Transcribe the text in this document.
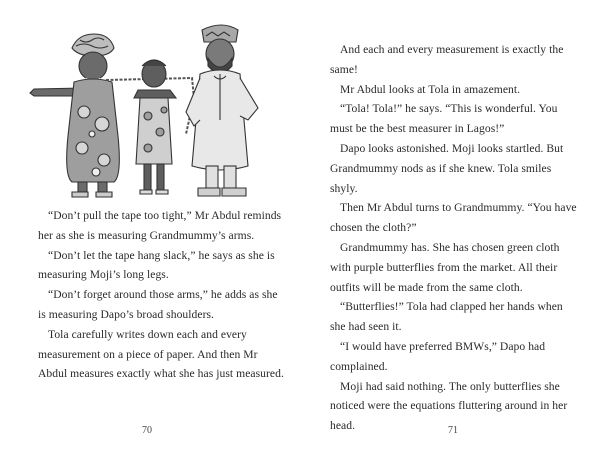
“Don’t pull the tape too tight,” Mr Abdul reminds her as she is measuring Grandmummy’s arms.

“Don’t let the tape hang slack,” he says as she is measuring Moji’s long legs.

“Don’t forget around those arms,” he adds as she is measuring Dapo’s broad shoulders.

Tola carefully writes down each and every measurement on a piece of paper. And then Mr Abdul measures exactly what she has just measured.

70

And each and every measurement is exactly the same!

Mr Abdul looks at Tola in amazement.

“Tola! Tola!” he says. “This is wonderful. You must be the best measurer in Lagos!”

Dapo looks astonished. Moji looks startled. But Grandmummy nods as if she knew. Tola smiles shyly.

Then Mr Abdul turns to Grandmummy. “You have chosen the cloth?”

Grandmummy has. She has chosen green cloth with purple butterflies from the market. All their outfits will be made from the same cloth.

“Butterflies!” Tola had clapped her hands when she had seen it.

“I would have preferred BMWs,” Dapo had complained.

Moji had said nothing. The only butterflies she noticed were the equations fluttering around in her head.	71
